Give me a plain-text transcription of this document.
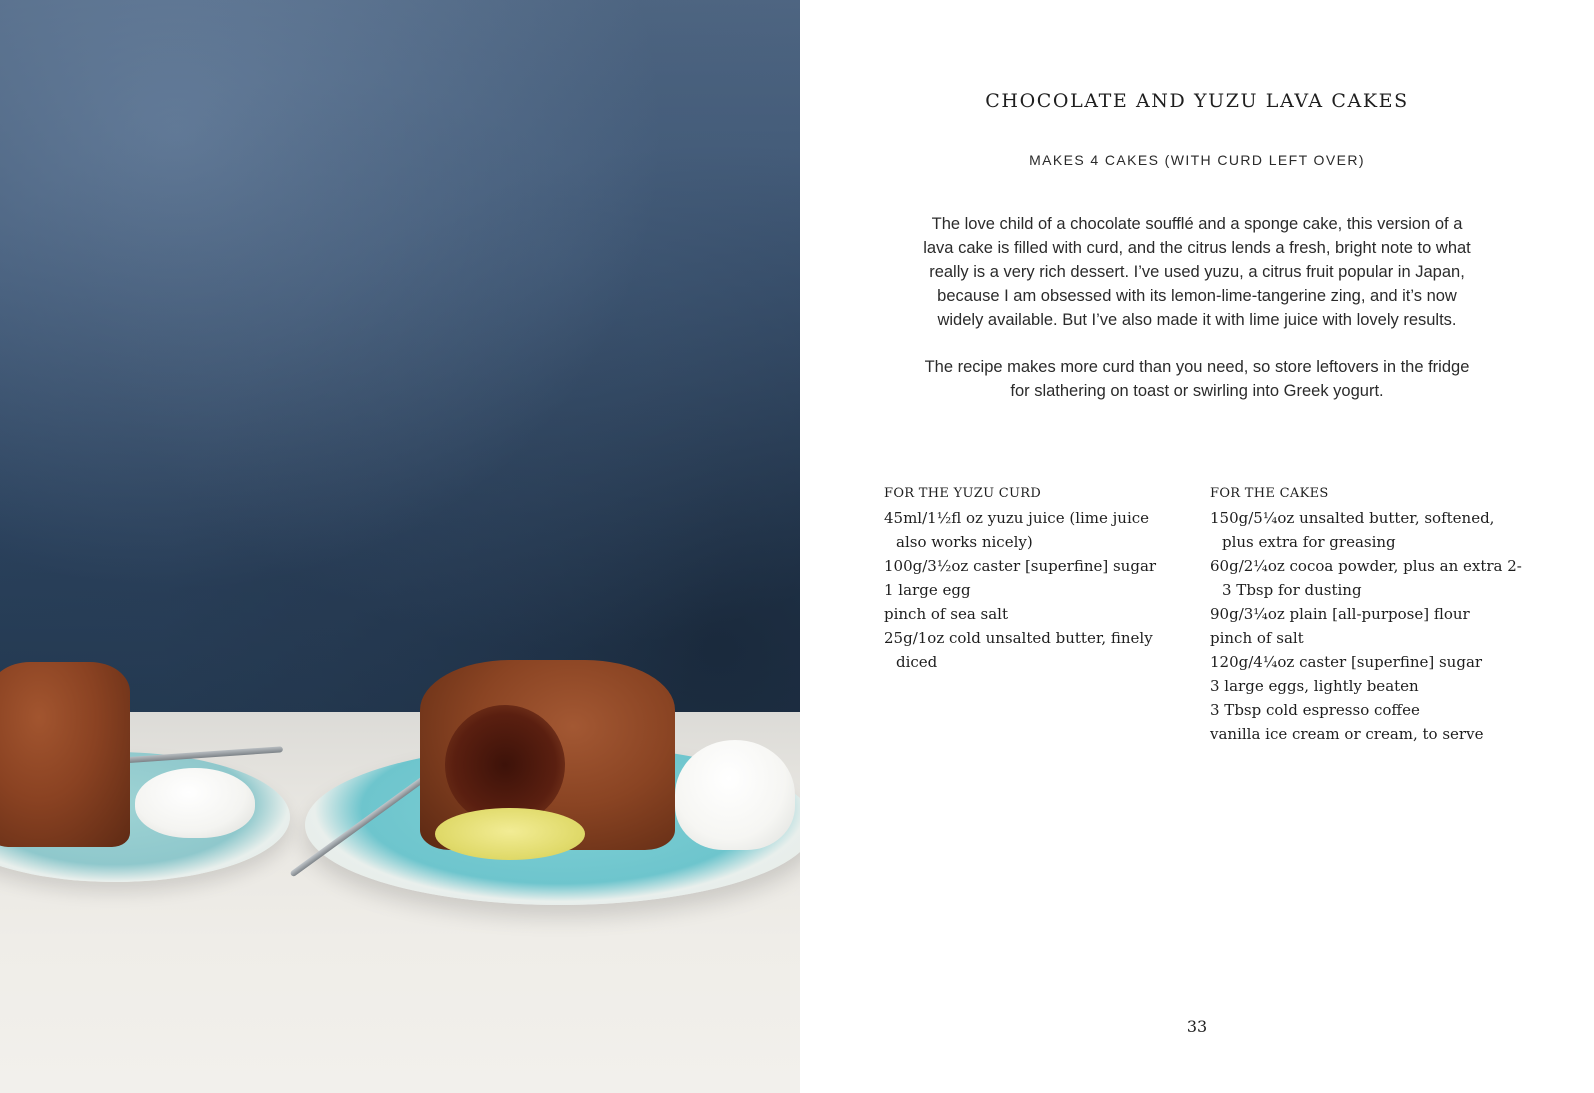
CHOCOLATE AND YUZU LAVA CAKES
MAKES 4 CAKES (WITH CURD LEFT OVER)

The love child of a chocolate soufflé and a sponge cake, this version of a lava cake is filled with curd, and the citrus lends a fresh, bright note to what really is a very rich dessert. I’ve used yuzu, a citrus fruit popular in Japan, because I am obsessed with its lemon-lime-tangerine zing, and it’s now widely available. But I’ve also made it with lime juice with lovely results.

The recipe makes more curd than you need, so store leftovers in the fridge for slathering on toast or swirling into Greek yogurt.

FOR THE YUZU CURD
45ml/1½fl oz yuzu juice (lime juice also works nicely)
100g/3½oz caster [superfine] sugar
1 large egg
pinch of sea salt
25g/1oz cold unsalted butter, finely diced
FOR THE CAKES
150g/5¼oz unsalted butter, softened, plus extra for greasing
60g/2¼oz cocoa powder, plus an extra 2-3 Tbsp for dusting
90g/3¼oz plain [all-purpose] flour
pinch of salt
120g/4¼oz caster [superfine] sugar
3 large eggs, lightly beaten
3 Tbsp cold espresso coffee
vanilla ice cream or cream, to serve
33
